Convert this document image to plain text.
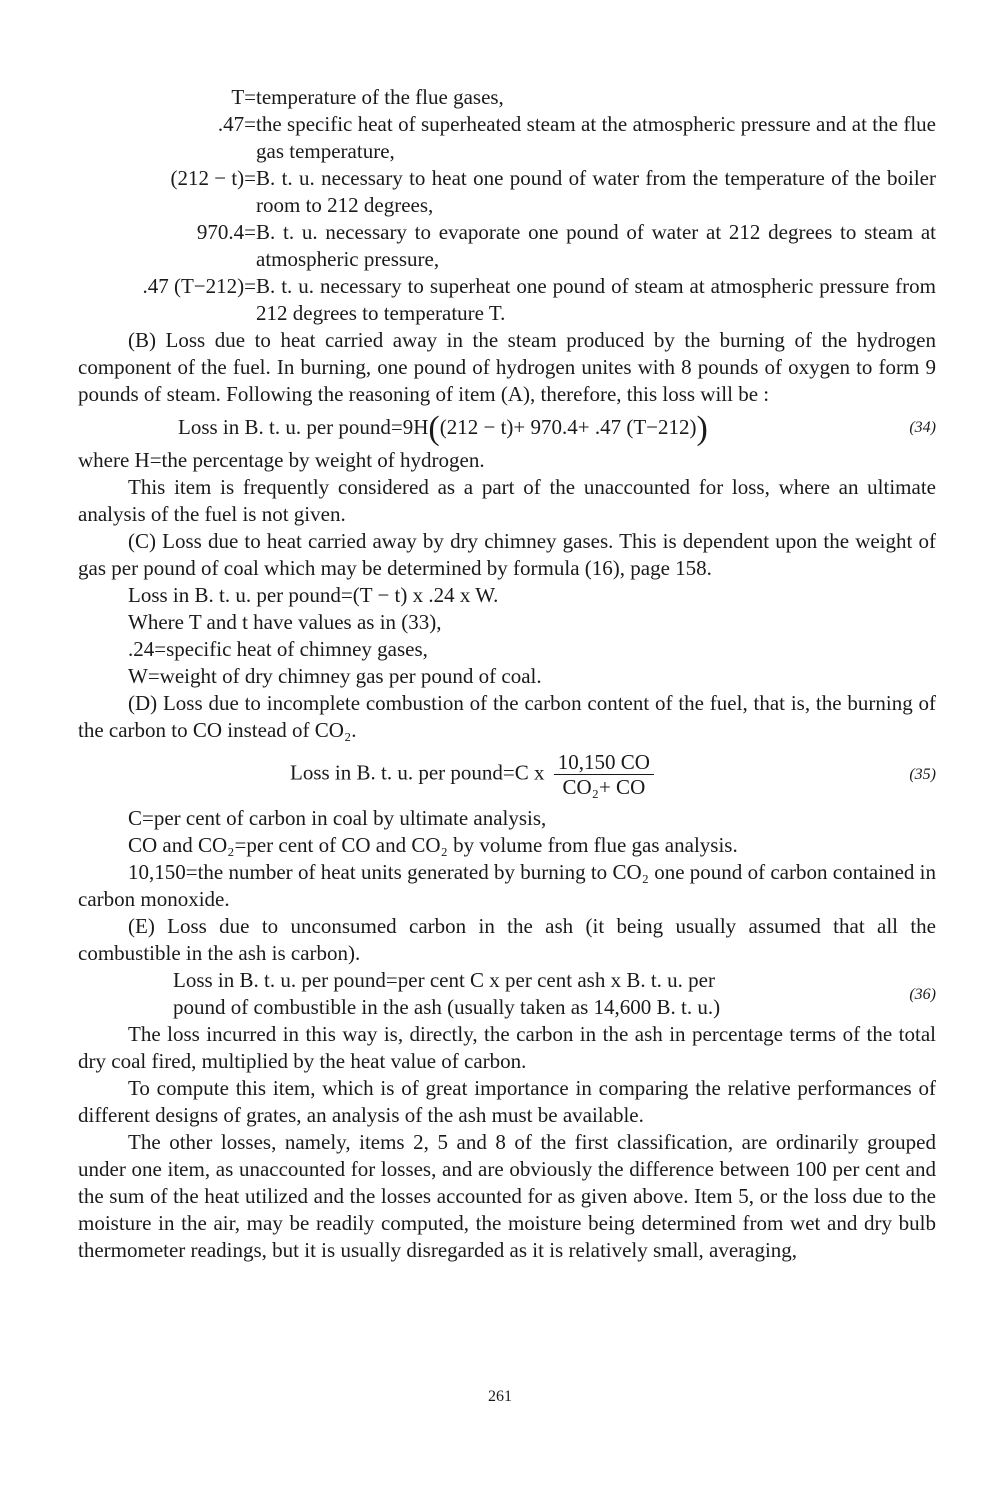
T= temperature of the flue gases,
.47= the specific heat of superheated steam at the atmospheric pressure and at the flue gas temperature,
(212 − t)= B. t. u. necessary to heat one pound of water from the temperature of the boiler room to 212 degrees,
970.4= B. t. u. necessary to evaporate one pound of water at 212 degrees to steam at atmospheric pressure,
.47 (T−212)= B. t. u. necessary to superheat one pound of steam at atmospheric pressure from 212 degrees to temperature T.

(B) Loss due to heat carried away in the steam produced by the burning of the hydrogen component of the fuel. In burning, one pound of hydrogen unites with 8 pounds of oxygen to form 9 pounds of steam. Following the reasoning of item (A), therefore, this loss will be :

Loss in B. t. u. per pound=9H((212 − t)+ 970.4+ .47 (T−212))	(34)

where H=the percentage by weight of hydrogen.

This item is frequently considered as a part of the unaccounted for loss, where an ultimate analysis of the fuel is not given.

(C) Loss due to heat carried away by dry chimney gases. This is dependent upon the weight of gas per pound of coal which may be determined by formula (16), page 158.

Loss in B. t. u. per pound=(T − t) x .24 x W.

Where T and t have values as in (33),

.24=specific heat of chimney gases,

W=weight of dry chimney gas per pound of coal.

(D) Loss due to incomplete combustion of the carbon content of the fuel, that is, the burning of the carbon to CO instead of CO₂.

Loss in B. t. u. per pound=C x $\frac{10,150 CO}{\text{CO₂+ CO}}$	(35)

C=per cent of carbon in coal by ultimate analysis,

CO and CO₂=per cent of CO and CO₂ by volume from flue gas analysis.

10,150=the number of heat units generated by burning to CO₂ one pound of carbon contained in carbon monoxide.

(E) Loss due to unconsumed carbon in the ash (it being usually assumed that all the combustible in the ash is carbon).

Loss in B. t. u. per pound=per cent C x per cent ash x B. t. u. per
pound of combustible in the ash (usually taken as 14,600 B. t. u.)
(36)

The loss incurred in this way is, directly, the carbon in the ash in percentage terms of the total dry coal fired, multiplied by the heat value of carbon.

To compute this item, which is of great importance in comparing the relative performances of different designs of grates, an analysis of the ash must be available.

The other losses, namely, items 2, 5 and 8 of the first classification, are ordinarily grouped under one item, as unaccounted for losses, and are obviously the difference between 100 per cent and the sum of the heat utilized and the losses accounted for as given above. Item 5, or the loss due to the moisture in the air, may be readily computed, the moisture being determined from wet and dry bulb thermometer readings, but it is usually disregarded as it is relatively small, averaging,

261
